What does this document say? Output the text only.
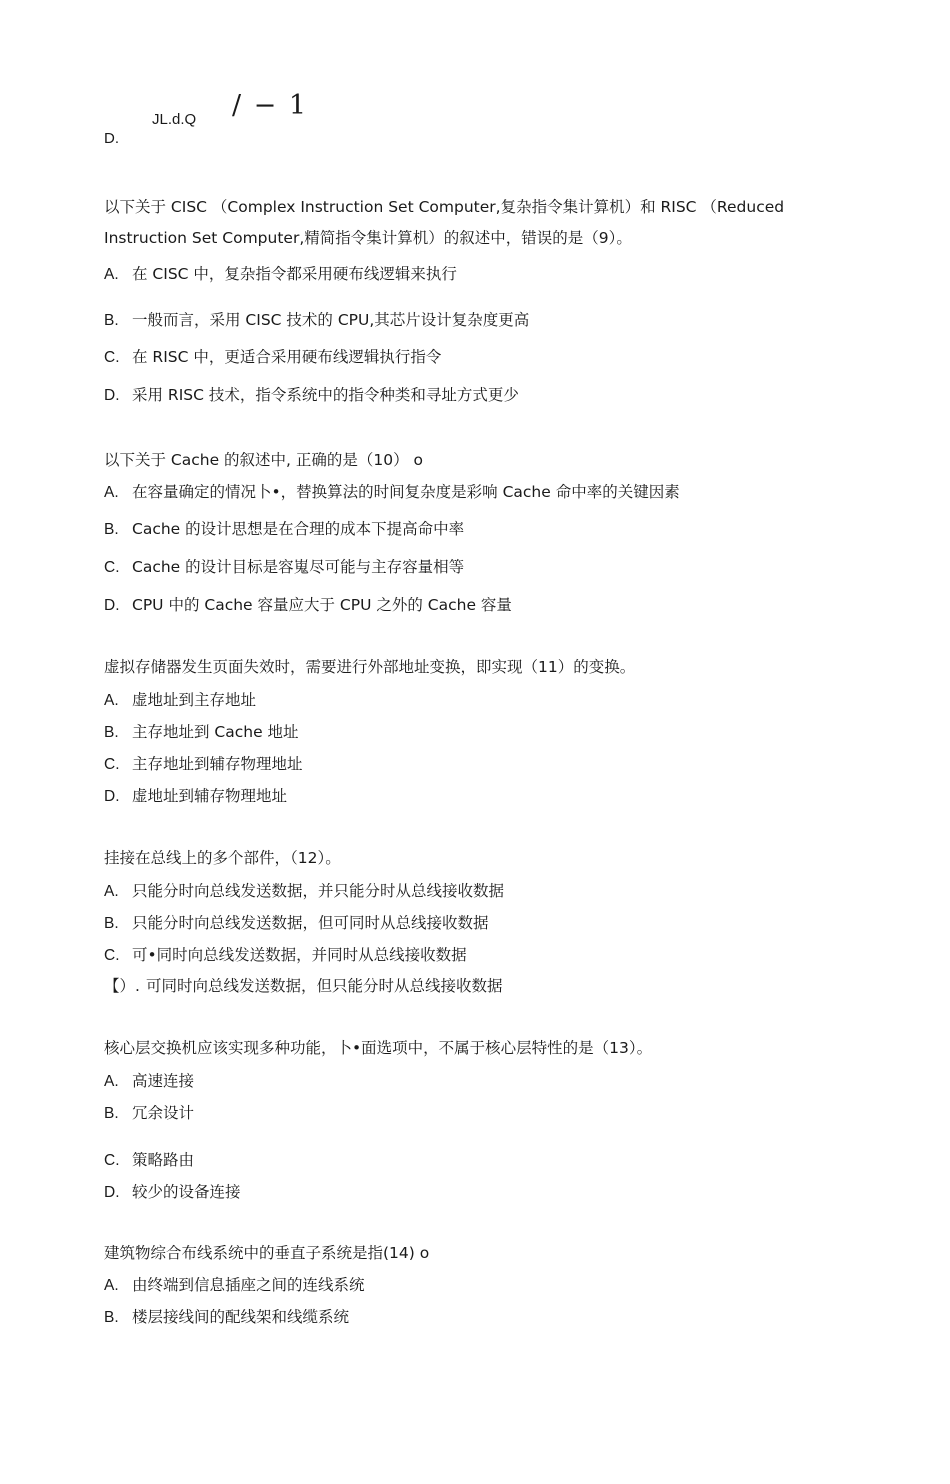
JL.d.Q / − 1
D.

以下关于 CISC （Complex Instruction Set Computer,复杂指令集计算机）和 RISC （Reduced Instruction Set Computer,精简指令集计算机）的叙述中，错误的是（9）。

A. 在 CISC 中，复杂指令都采用硬布线逻辑来执行
B. 一般而言，采用 CISC 技术的 CPU,其芯片设计复杂度更高
C. 在 RISC 中，更适合采用硬布线逻辑执行指令
D. 采用 RISC 技术，指令系统中的指令种类和寻址方式更少

以下关于 Cache 的叙述中, 正确的是（10） o

A. 在容量确定的情况卜•，替换算法的时间复杂度是彩响 Cache 命中率的关键因素
B. Cache 的设计思想是在合理的成本下提高命中率
C. Cache 的设计目标是容嵬尽可能与主存容量相等
D. CPU 中的 Cache 容量应大于 CPU 之外的 Cache 容量

虚拟存储器发生页面失效时，需要进行外部地址变换，即实现（11）的变换。

A. 虚地址到主存地址
B. 主存地址到 Cache 地址
C. 主存地址到辅存物理地址
D. 虚地址到辅存物理地址

挂接在总线上的多个部件，（12）。

A. 只能分时向总线发送数据，并只能分时从总线接收数据
B. 只能分时向总线发送数据，但可同时从总线接收数据
C. 可•同时向总线发送数据，并同时从总线接收数据
【）. 可同时向总线发送数据，但只能分时从总线接收数据

核心层交换机应该实现多种功能，卜•面选项中，不属于核心层特性的是（13）。

A. 高速连接
B. 冗余设计
C. 策略路由
D. 较少的设备连接

建筑物综合布线系统中的垂直子系统是指(14) o

A. 由终端到信息插座之间的连线系统
B. 楼层接线间的配线架和线缆系统
